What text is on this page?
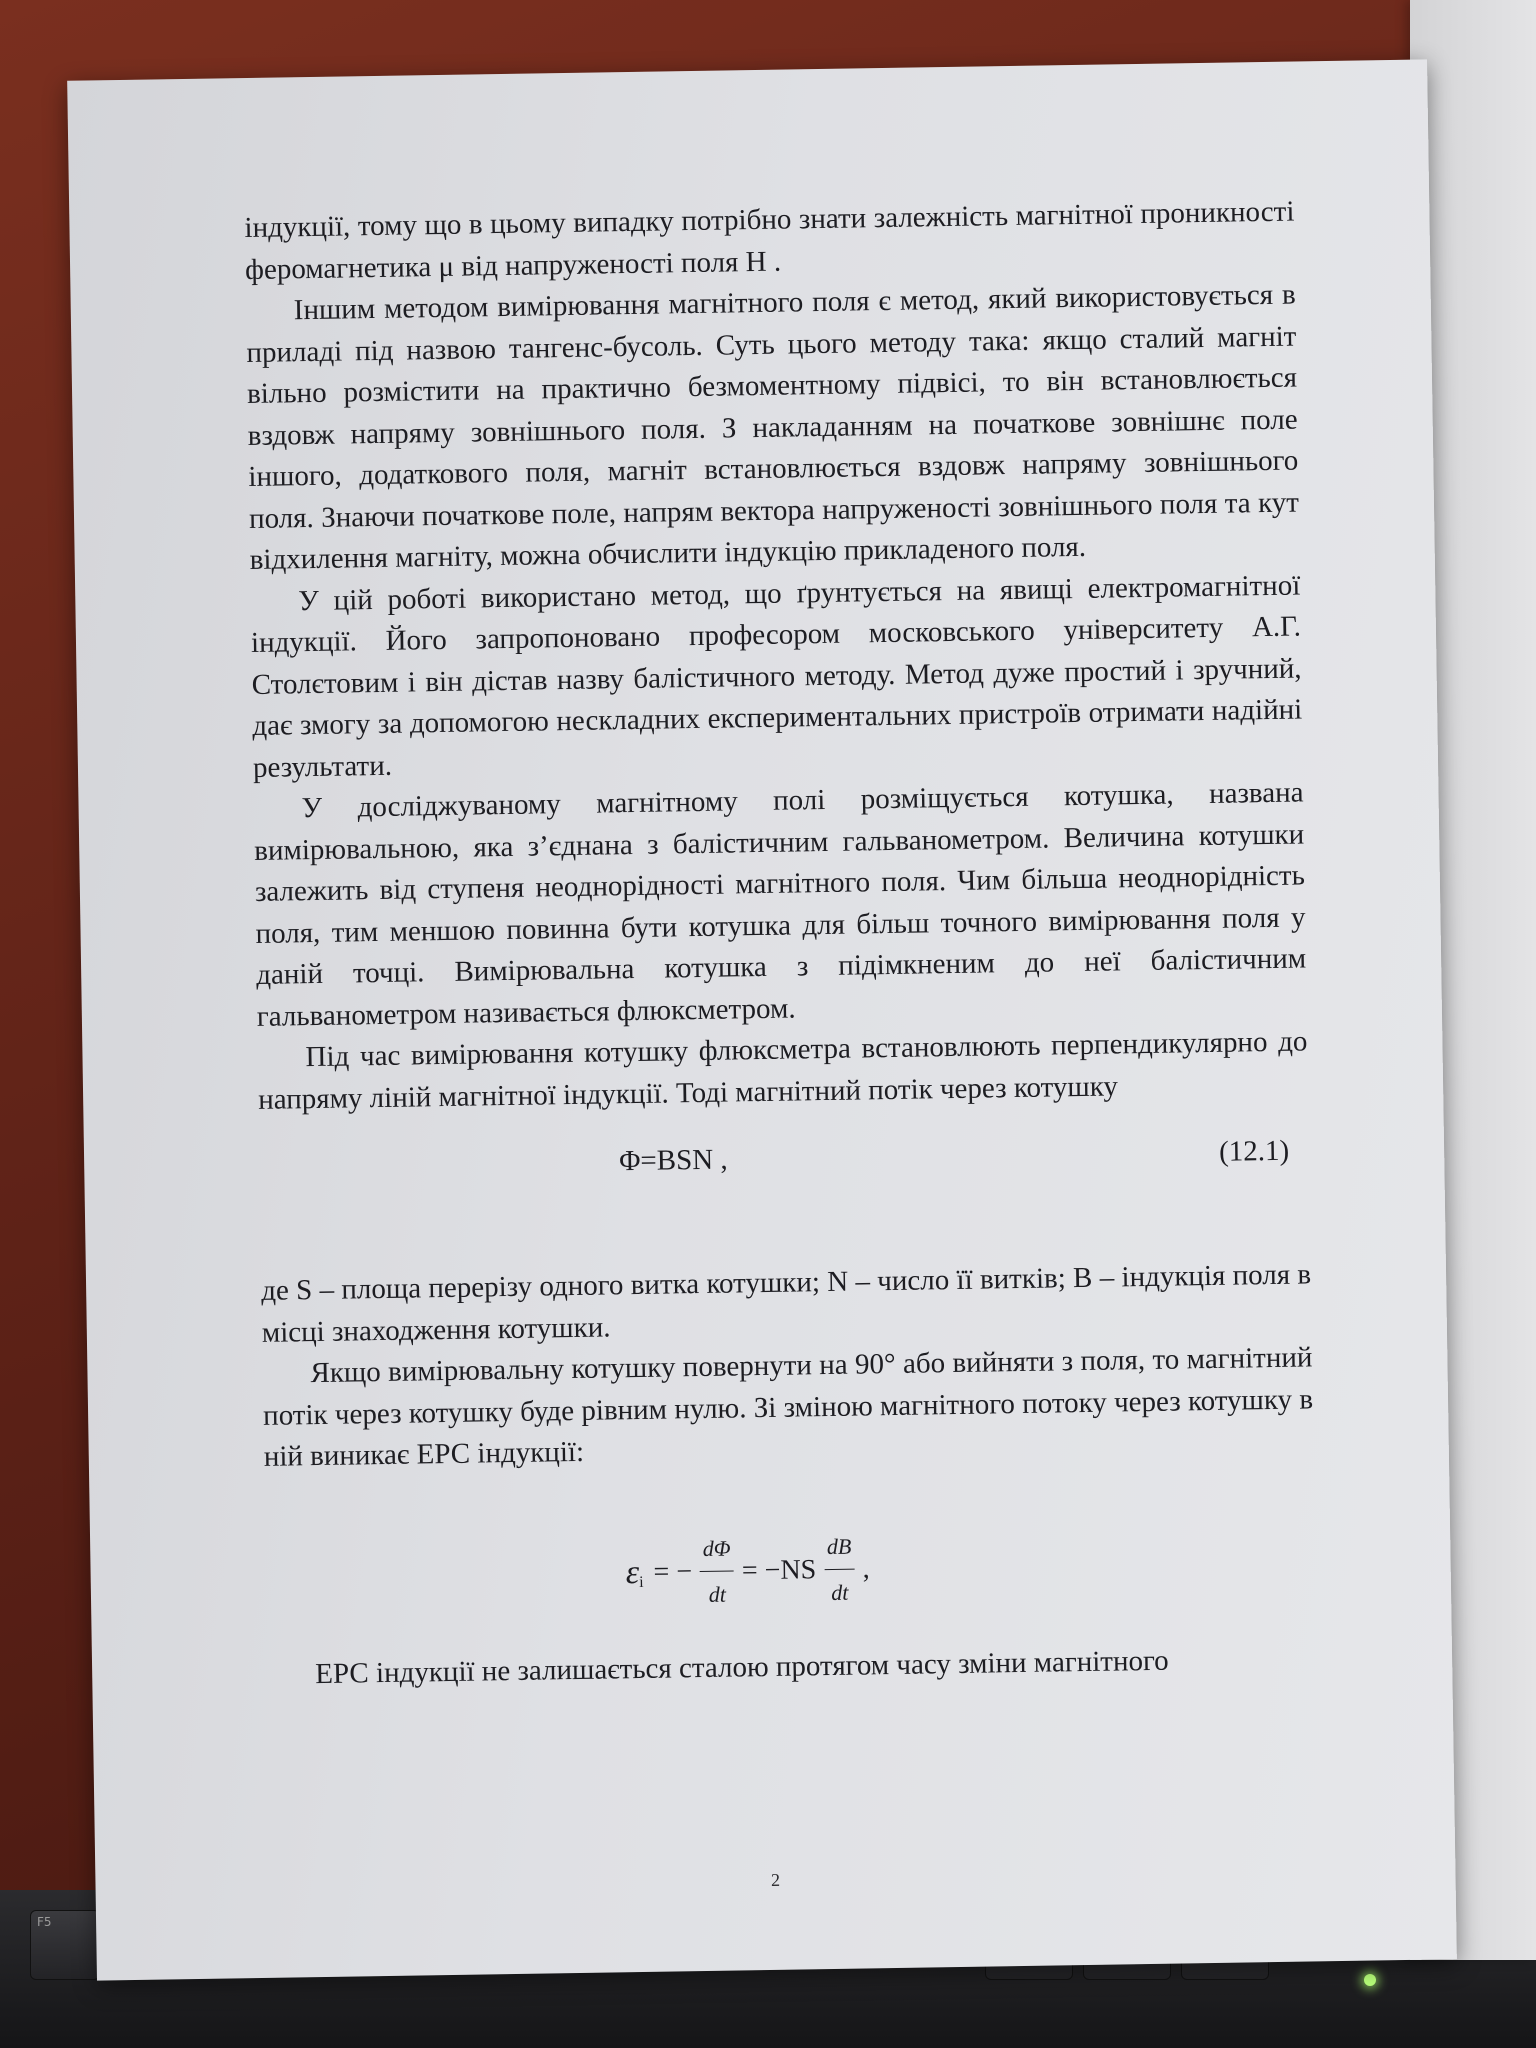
F5

індукції, тому що в цьому випадку потрібно знати залежність магнітної проникності феромагнетика μ від напруженості поля H .

Іншим методом вимірювання магнітного поля є метод, який використовується в приладі під назвою тангенс-бусоль. Суть цього методу така: якщо сталий магніт вільно розмістити на практично безмоментному підвісі, то він встановлюється вздовж напряму зовнішнього поля. З накладанням на початкове зовнішнє поле іншого, додаткового поля, магніт встановлюється вздовж напряму зовнішнього поля. Знаючи початкове поле, напрям вектора напруженості зовнішнього поля та кут відхилення магніту, можна обчислити індукцію прикладеного поля.

У цій роботі використано метод, що ґрунтується на явищі електромагнітної індукції. Його запропоновано професором московського університету А.Г. Столєтовим і він дістав назву балістичного методу. Метод дуже простий і зручний, дає змогу за допомогою нескладних експериментальних пристроїв отримати надійні результати.

У досліджуваному магнітному полі розміщується котушка, названа вимірювальною, яка з’єднана з балістичним гальванометром. Величина котушки залежить від ступеня неоднорідності магнітного поля. Чим більша неоднорідність поля, тим меншою повинна бути котушка для більш точного вимірювання поля у даній точці. Вимірювальна котушка з підімкненим до неї балістичним гальванометром називається флюксметром.

Під час вимірювання котушку флюксметра встановлюють перпендикулярно до напряму ліній магнітної індукції. Тоді магнітний потік через котушку

Φ=BSN ,	(12.1)

де S – площа перерізу одного витка котушки; N – число її витків; B – індукція поля в місці знаходження котушки.

Якщо вимірювальну котушку повернути на 90° або вийняти з поля, то магнітний потік через котушку буде рівним нулю. Зі зміною магнітного потоку через котушку в ній виникає ЕРС індукції:

ε і = − $\frac{d\Phi}{dt} = -NS \frac{dB}{dt}$ ,

ЕРС індукції не залишається сталою протягом часу зміни магнітного

2
